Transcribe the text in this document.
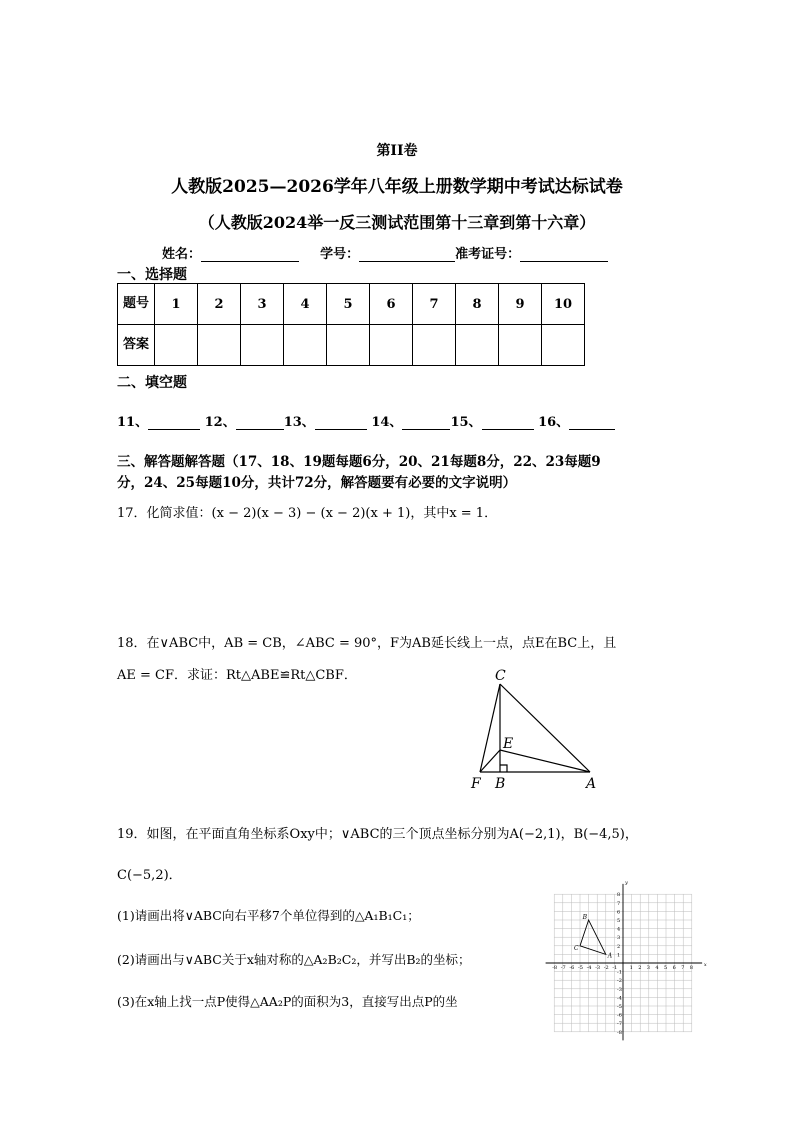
第II卷
人教版2025—2026学年八年级上册数学期中考试达标试卷
（人教版2024举一反三测试范围第十三章到第十六章）
姓名：	学号：	准考证号：
一、选择题
题号	1	2	3	4	5	6	7	8	9	10
答案										
二、填空题
11、	12、	13、	14、	15、	16、
三、解答题解答题（17、18、19题每题6分，20、21每题8分，22、23每题9
分，24、25每题10分，共计72分，解答题要有必要的文字说明）
17．化简求值：(x − 2)(x − 3) − (x − 2)(x + 1)，其中x = 1．
18．在∨ABC中，AB = CB，∠ABC = 90°，F为AB延长线上一点，点E在BC上，且
AE = CF．求证：Rt△ABE≌Rt△CBF．	C
E
F B	A
19．如图，在平面直角坐标系Oxy中；∨ABC的三个顶点坐标分别为A(−2,1)，B(−4,5)，
C(−5,2)．
(1)请画出将∨ABC向右平移7个单位得到的△A₁B₁C₁；
(2)请画出与∨ABC关于x轴对称的△A₂B₂C₂，并写出B₂的坐标；
(3)在x轴上找一点P使得△AA₂P的面积为3，直接写出点P的坐
-8 -7 -6 -5 -4 -3 -2 -1 1 2 3 4 5 6 7 8
8
7
6
5
4
3
2
1
-1
-2
-3
-4
-5
-6
-7
-8
x
y
A
B
C
